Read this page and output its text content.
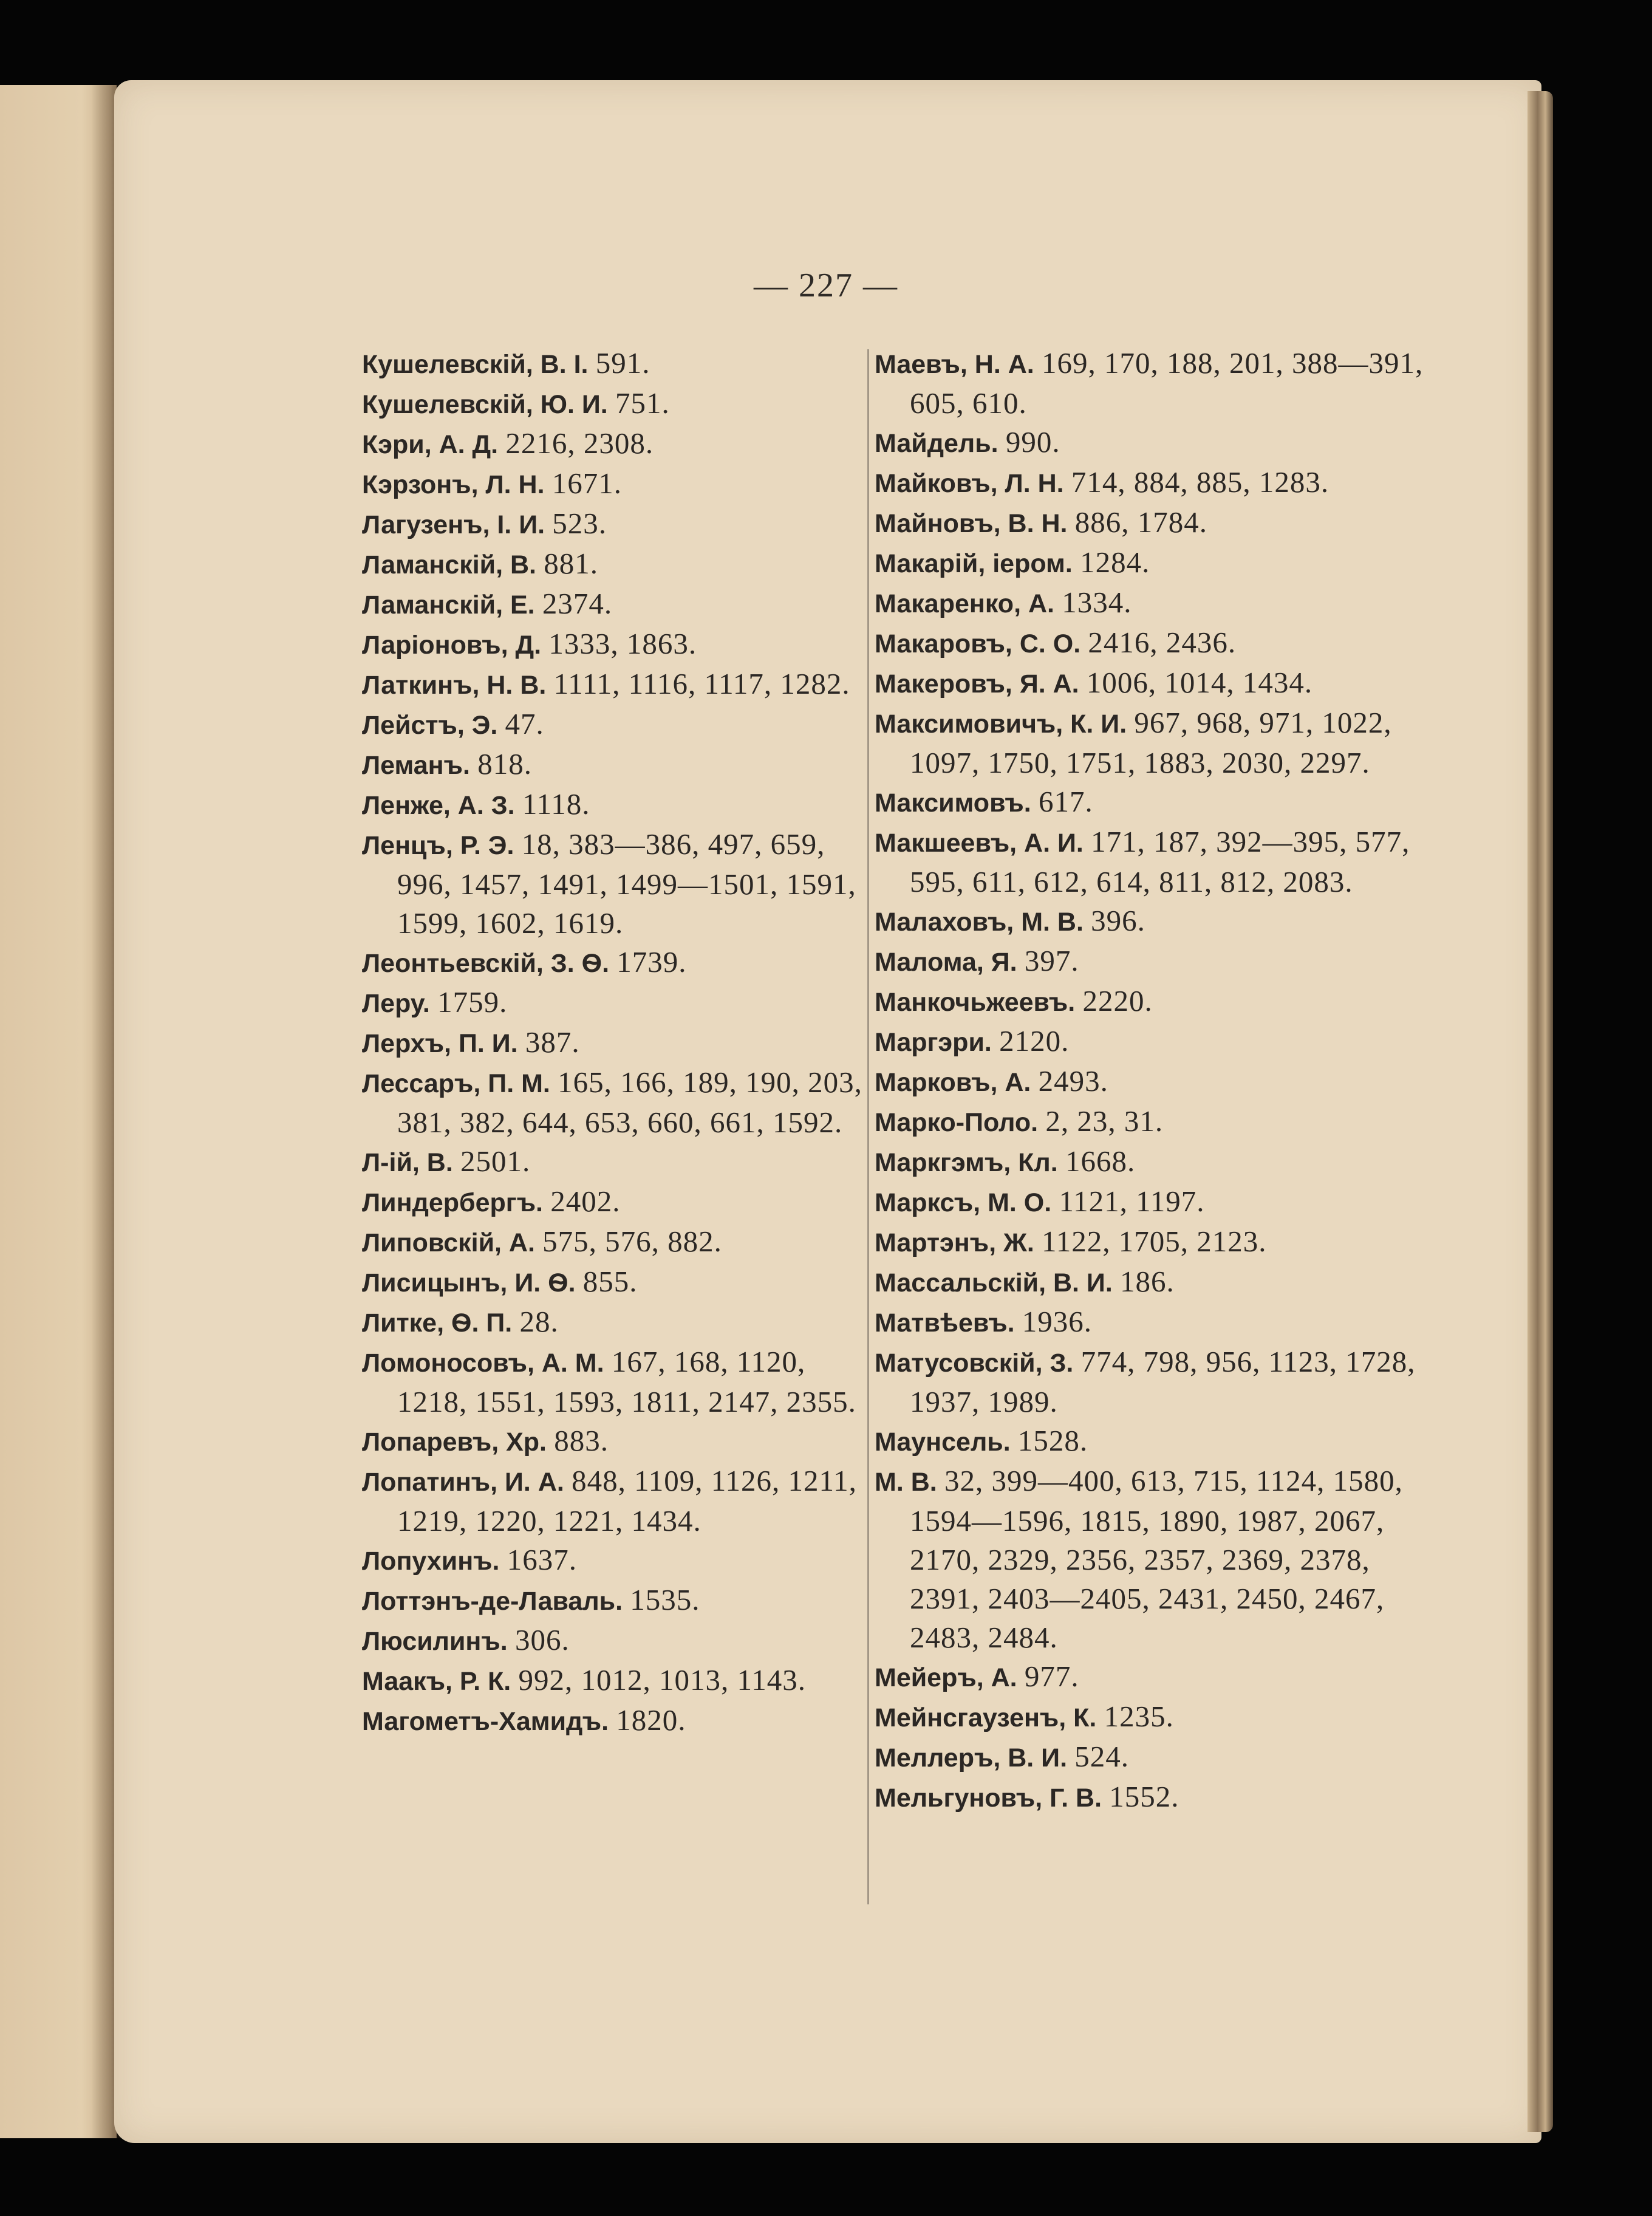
— 227 —

Кушелевскій, В. І. 591.

Кушелевскій, Ю. И. 751.

Кэри, А. Д. 2216, 2308.

Кэрзонъ, Л. Н. 1671.

Лагузенъ, І. И. 523.

Ламанскій, В. 881.

Ламанскій, Е. 2374.

Ларіоновъ, Д. 1333, 1863.

Латкинъ, Н. В. 1111, 1116, 1117, 1282.

Лейстъ, Э. 47.

Леманъ. 818.

Ленже, А. З. 1118.

Ленцъ, Р. Э. 18, 383—386, 497, 659, 996, 1457, 1491, 1499—1501, 1591, 1599, 1602, 1619.

Леонтьевскій, З. Ѳ. 1739.

Леру. 1759.

Лерхъ, П. И. 387.

Лессаръ, П. М. 165, 166, 189, 190, 203, 381, 382, 644, 653, 660, 661, 1592.

Л-ій, В. 2501.

Линдербергъ. 2402.

Липовскій, А. 575, 576, 882.

Лисицынъ, И. Ѳ. 855.

Литке, Ѳ. П. 28.

Ломоносовъ, А. М. 167, 168, 1120, 1218, 1551, 1593, 1811, 2147, 2355.

Лопаревъ, Хр. 883.

Лопатинъ, И. А. 848, 1109, 1126, 1211, 1219, 1220, 1221, 1434.

Лопухинъ. 1637.

Лоттэнъ-де-Лаваль. 1535.

Люсилинъ. 306.

Маакъ, Р. К. 992, 1012, 1013, 1143.

Магометъ-Хамидъ. 1820.

Маевъ, Н. А. 169, 170, 188, 201, 388—391, 605, 610.

Майдель. 990.

Майковъ, Л. Н. 714, 884, 885, 1283.

Майновъ, В. Н. 886, 1784.

Макарій, ieром. 1284.

Макаренко, А. 1334.

Макаровъ, С. О. 2416, 2436.

Макеровъ, Я. А. 1006, 1014, 1434.

Максимовичъ, К. И. 967, 968, 971, 1022, 1097, 1750, 1751, 1883, 2030, 2297.

Максимовъ. 617.

Макшеевъ, А. И. 171, 187, 392—395, 577, 595, 611, 612, 614, 811, 812, 2083.

Малаховъ, М. В. 396.

Малома, Я. 397.

Манкочьжеевъ. 2220.

Маргэри. 2120.

Марковъ, А. 2493.

Марко-Поло. 2, 23, 31.

Маркгэмъ, Кл. 1668.

Марксъ, М. О. 1121, 1197.

Мартэнъ, Ж. 1122, 1705, 2123.

Массальскій, В. И. 186.

Матвѣевъ. 1936.

Матусовскій, З. 774, 798, 956, 1123, 1728, 1937, 1989.

Маунсель. 1528.

М. В. 32, 399—400, 613, 715, 1124, 1580, 1594—1596, 1815, 1890, 1987, 2067, 2170, 2329, 2356, 2357, 2369, 2378, 2391, 2403—2405, 2431, 2450, 2467, 2483, 2484.

Мейеръ, А. 977.

Мейнсгаузенъ, К. 1235.

Меллеръ, В. И. 524.

Мельгуновъ, Г. В. 1552.
